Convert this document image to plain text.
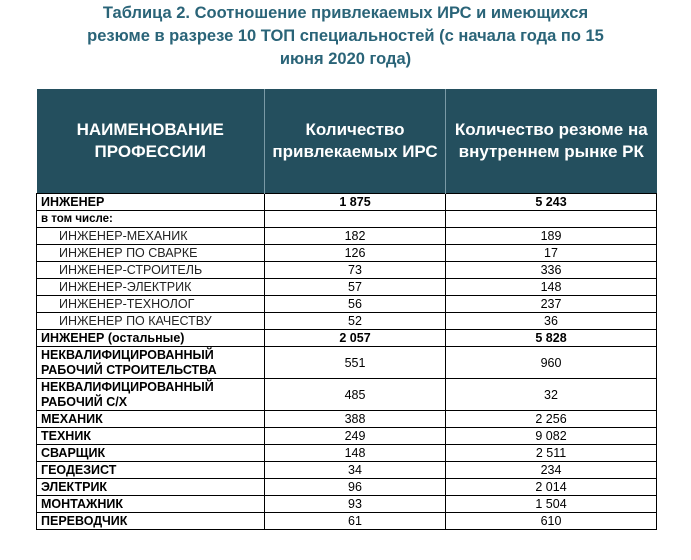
Таблица 2. Соотношение привлекаемых ИРС и имеющихся
резюме в разрезе 10 ТОП специальностей (с начала года по 15
июня 2020 года)
НАИМЕНОВАНИЕ ПРОФЕССИИ	Количество привлекаемых ИРС	Количество резюме на внутреннем рынке РК
ИНЖЕНЕР	1 875	5 243
в том числе:		
ИНЖЕНЕР-МЕХАНИК	182	189
ИНЖЕНЕР ПО СВАРКЕ	126	17
ИНЖЕНЕР-СТРОИТЕЛЬ	73	336
ИНЖЕНЕР-ЭЛЕКТРИК	57	148
ИНЖЕНЕР-ТЕХНОЛОГ	56	237
ИНЖЕНЕР ПО КАЧЕСТВУ	52	36
ИНЖЕНЕР (остальные)	2 057	5 828
НЕКВАЛИФИЦИРОВАННЫЙ РАБОЧИЙ СТРОИТЕЛЬСТВА	551	960
НЕКВАЛИФИЦИРОВАННЫЙ РАБОЧИЙ С/Х	485	32
МЕХАНИК	388	2 256
ТЕХНИК	249	9 082
СВАРЩИК	148	2 511
ГЕОДЕЗИСТ	34	234
ЭЛЕКТРИК	96	2 014
МОНТАЖНИК	93	1 504
ПЕРЕВОДЧИК	61	610
